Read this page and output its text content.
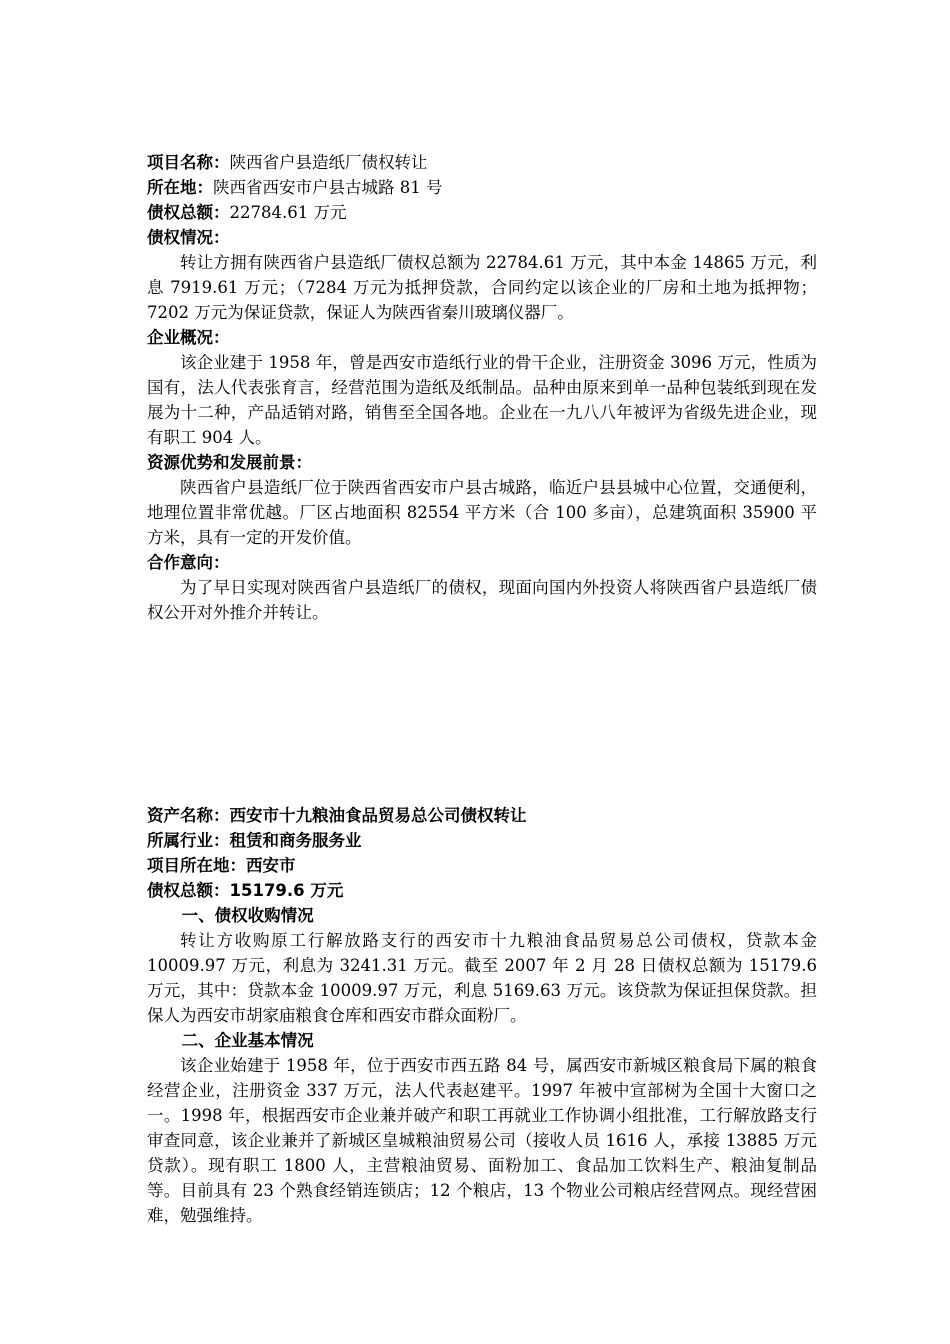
项目名称：陕西省户县造纸厂债权转让
所在地：陕西省西安市户县古城路 81 号
债权总额：22784.61 万元
债权情况：

转让方拥有陕西省户县造纸厂债权总额为 22784.61 万元，其中本金 14865 万元，利息 7919.61 万元；（7284 万元为抵押贷款，合同约定以该企业的厂房和土地为抵押物；7202 万元为保证贷款，保证人为陕西省秦川玻璃仪器厂。

企业概况：

该企业建于 1958 年，曾是西安市造纸行业的骨干企业，注册资金 3096 万元，性质为国有，法人代表张育言，经营范围为造纸及纸制品。品种由原来到单一品种包装纸到现在发展为十二种，产品适销对路，销售至全国各地。企业在一九八八年被评为省级先进企业，现有职工 904 人。

资源优势和发展前景：

陕西省户县造纸厂位于陕西省西安市户县古城路，临近户县县城中心位置，交通便利，地理位置非常优越。厂区占地面积 82554 平方米（合 100 多亩），总建筑面积 35900 平方米，具有一定的开发价值。

合作意向：

为了早日实现对陕西省户县造纸厂的债权，现面向国内外投资人将陕西省户县造纸厂债权公开对外推介并转让。

资产名称：西安市十九粮油食品贸易总公司债权转让
所属行业：租赁和商务服务业
项目所在地：西安市
债权总额：15179.6 万元
一、债权收购情况

转让方收购原工行解放路支行的西安市十九粮油食品贸易总公司债权，贷款本金 10009.97 万元，利息为 3241.31 万元。截至 2007 年 2 月 28 日债权总额为 15179.6 万元，其中：贷款本金 10009.97 万元，利息 5169.63 万元。该贷款为保证担保贷款。担保人为西安市胡家庙粮食仓库和西安市群众面粉厂。

二、企业基本情况

该企业始建于 1958 年，位于西安市西五路 84 号，属西安市新城区粮食局下属的粮食经营企业，注册资金 337 万元，法人代表赵建平。1997 年被中宣部树为全国十大窗口之一。1998 年，根据西安市企业兼并破产和职工再就业工作协调小组批准，工行解放路支行审查同意，该企业兼并了新城区皇城粮油贸易公司（接收人员 1616 人，承接 13885 万元贷款）。现有职工 1800 人，主营粮油贸易、面粉加工、食品加工饮料生产、粮油复制品等。目前具有 23 个熟食经销连锁店；12 个粮店，13 个物业公司粮店经营网点。现经营困难，勉强维持。
